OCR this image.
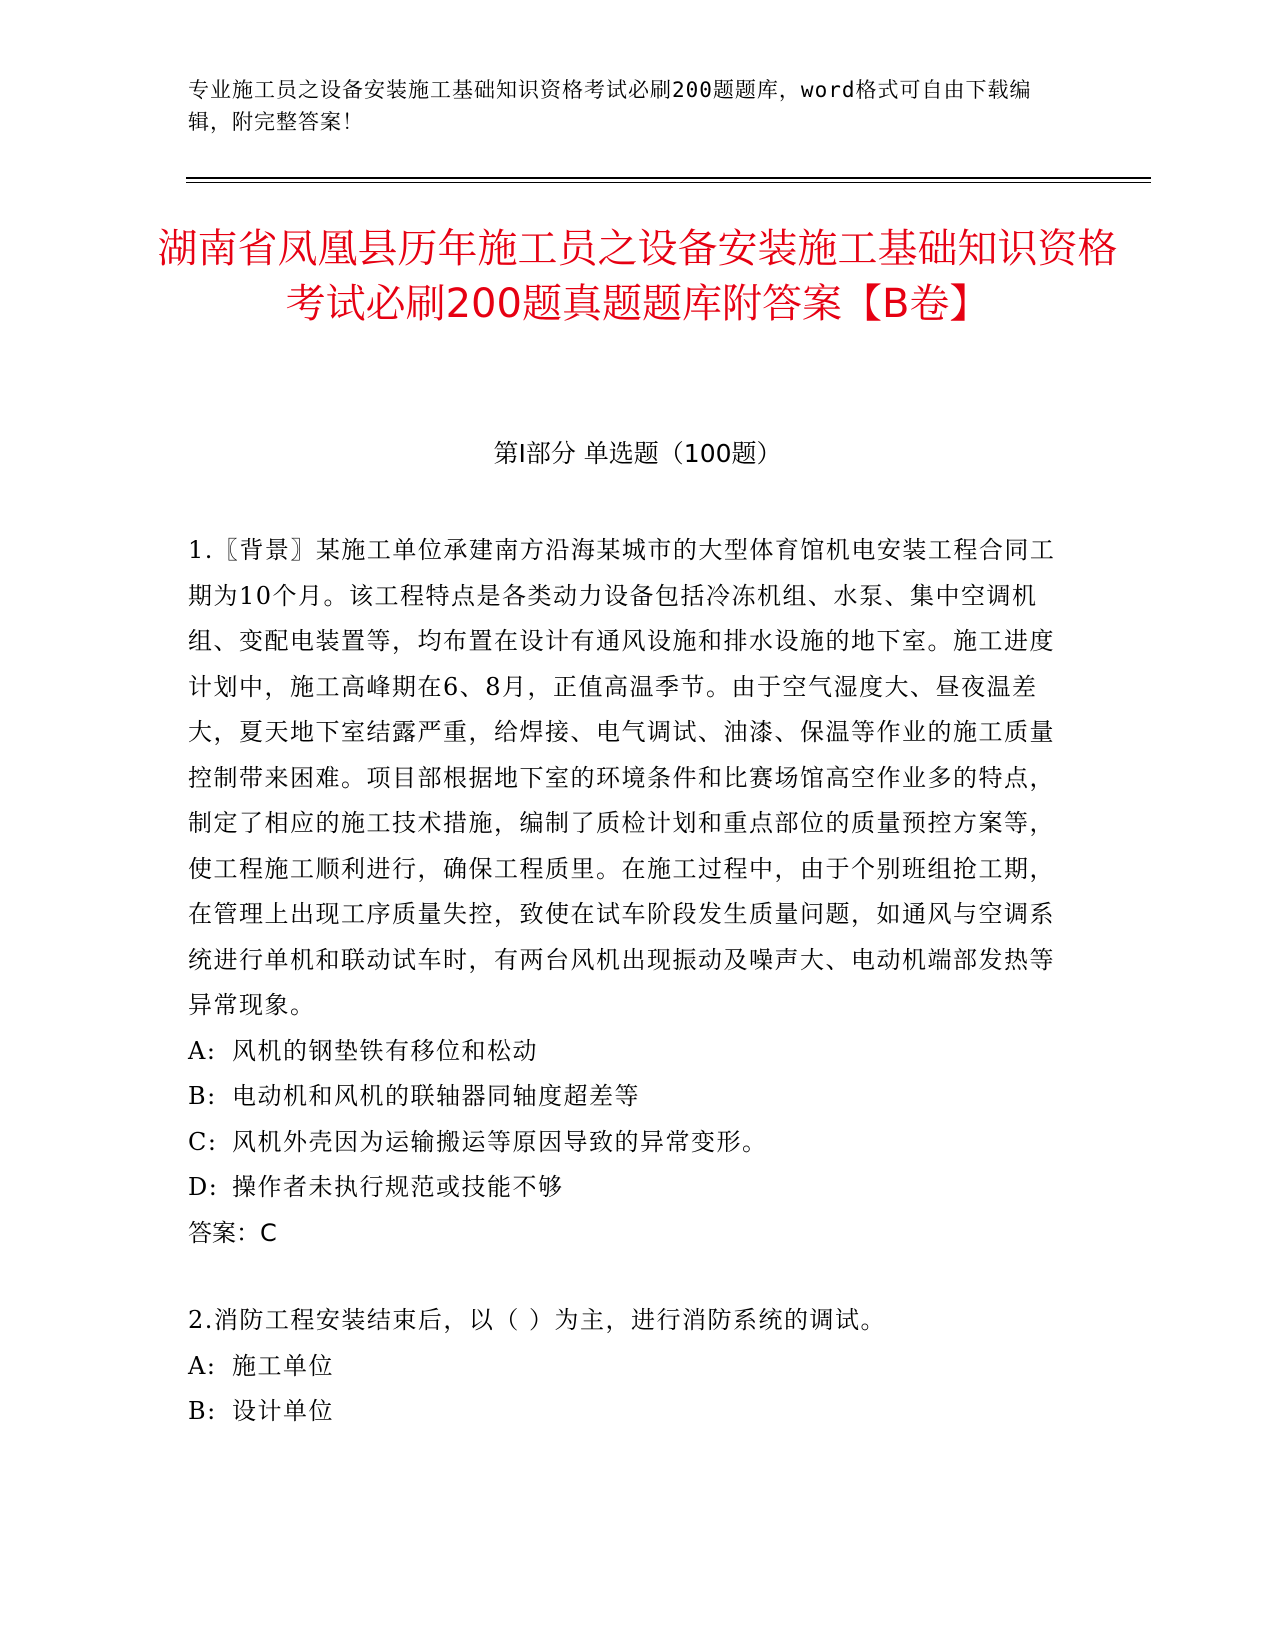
专业施工员之设备安装施工基础知识资格考试必刷200题题库，word格式可自由下载编辑，附完整答案！
湖南省凤凰县历年施工员之设备安装施工基础知识资格考试必刷200题真题题库附答案【B卷】
第Ⅰ部分 单选题（100题）

1.〖背景〗某施工单位承建南方沿海某城市的大型体育馆机电安装工程合同工期为10个月。该工程特点是各类动力设备包括冷冻机组、水泵、集中空调机组、变配电装置等，均布置在设计有通风设施和排水设施的地下室。施工进度计划中，施工高峰期在6、8月，正值高温季节。由于空气湿度大、昼夜温差大，夏天地下室结露严重，给焊接、电气调试、油漆、保温等作业的施工质量控制带来困难。项目部根据地下室的环境条件和比赛场馆高空作业多的特点，制定了相应的施工技术措施，编制了质检计划和重点部位的质量预控方案等，使工程施工顺利进行，确保工程质里。在施工过程中，由于个别班组抢工期，在管理上出现工序质量失控，致使在试车阶段发生质量问题，如通风与空调系统进行单机和联动试车时，有两台风机出现振动及噪声大、电动机端部发热等异常现象。

A: 风机的钢垫铁有移位和松动

B: 电动机和风机的联轴器同轴度超差等

C: 风机外壳因为运输搬运等原因导致的异常变形。

D: 操作者未执行规范或技能不够

答案：C

2.消防工程安装结束后，以（ ）为主，进行消防系统的调试。

A: 施工单位

B: 设计单位
